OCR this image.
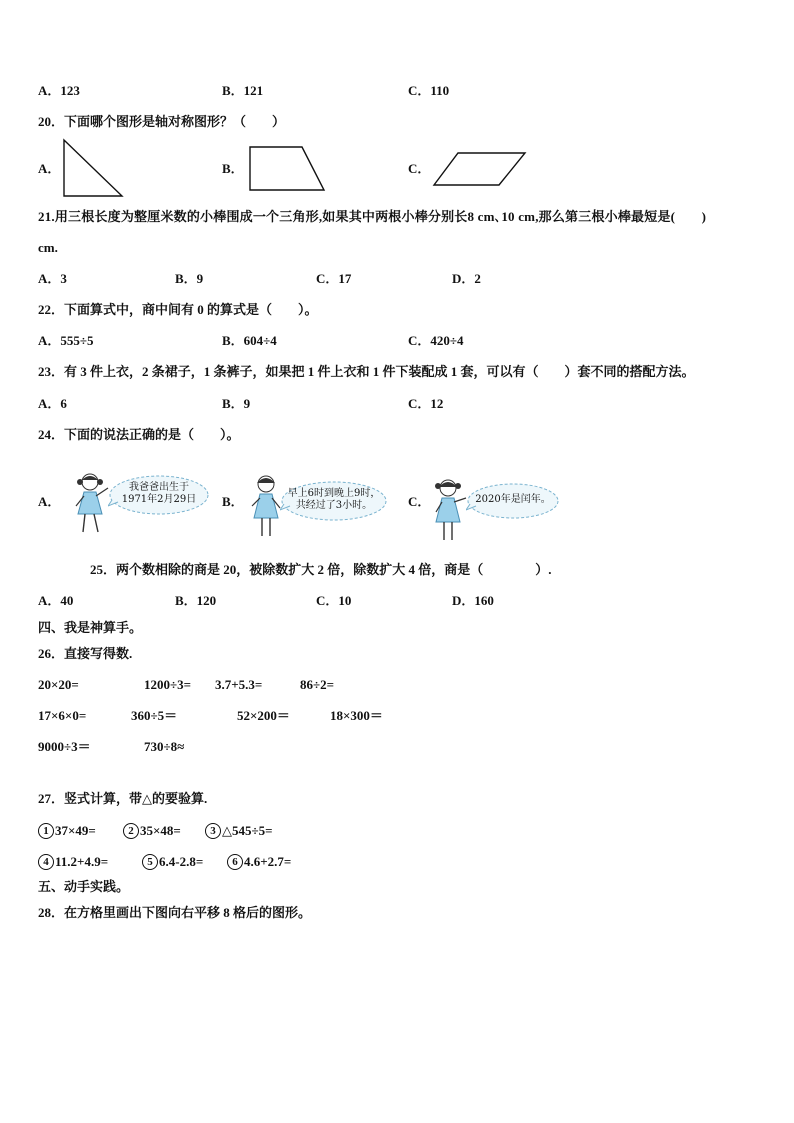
A．123	B．121	C．110
20．下面哪个图形是轴对称图形？（　　）
A．	B．	C．
21.用三根长度为整厘米数的小棒围成一个三角形,如果其中两根小棒分别长8 cm､10 cm,那么第三根小棒最短是(　　)
cm.
A．3	B．9	C．17	D．2
22．下面算式中，商中间有 0 的算式是（　　）。
A．555÷5	B．604÷4	C．420÷4
23．有 3 件上衣，2 条裙子，1 条裤子，如果把 1 件上衣和 1 件下装配成 1 套，可以有（　　）套不同的搭配方法。
A．6	B．9	C．12
24．下面的说法正确的是（　　）。
A．
我爸爸出生于
1971年2月29日	B．
早上6时到晚上9时，
共经过了3小时。	C．	2020年是闰年。
25．两个数相除的商是 20，被除数扩大 2 倍，除数扩大 4 倍，商是（　　　　）.
A．40	B．120	C．10	D．160
四、我是神算手。
26．直接写得数.
20×20=	1200÷3= 3.7+5.3=	86÷2=
17×6×0=	360÷5＝	52×200＝	18×300＝
9000÷3＝	730÷8≈
27．竖式计算，带△的要验算.
1 37×49=	2 35×48=	3 △545÷5=
4 11.2+4.9=	5 6.4-2.8=	6 4.6+2.7=
五、动手实践。
28．在方格里画出下图向右平移 8 格后的图形。
